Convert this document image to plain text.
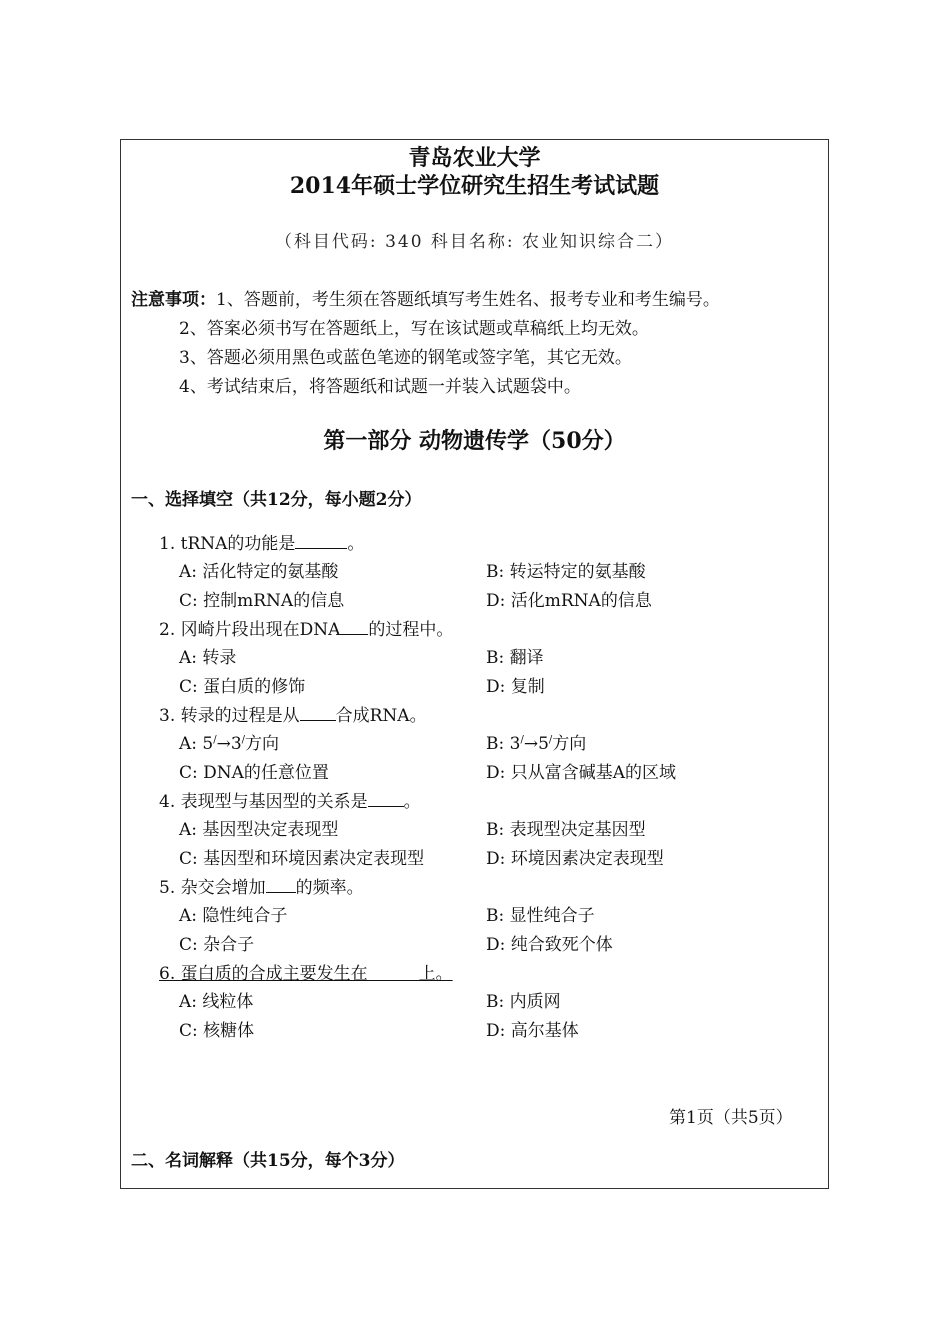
青岛农业大学
2014年硕士学位研究生招生考试试题
（科目代码: 340 科目名称: 农业知识综合二）
注意事项：1、答题前，考生须在答题纸填写考生姓名、报考专业和考生编号。
2、答案必须书写在答题纸上，写在该试题或草稿纸上均无效。
3、答题必须用黑色或蓝色笔迹的钢笔或签字笔，其它无效。
4、考试结束后，将答题纸和试题一并装入试题袋中。
第一部分 动物遗传学（50分）
一、选择填空（共12分，每小题2分）
1. tRNA的功能是	。
A: 活化特定的氨基酸	B: 转运特定的氨基酸
C: 控制mRNA的信息	D: 活化mRNA的信息
2. 冈崎片段出现在DNA 的过程中。
A: 转录	B: 翻译
C: 蛋白质的修饰	D: 复制
3. 转录的过程是从 合成RNA。
A: 5/→3/方向	B: 3/→5/方向
C: DNA的任意位置	D: 只从富含碱基A的区域
4. 表现型与基因型的关系是 。
A: 基因型决定表现型	B: 表现型决定基因型
C: 基因型和环境因素决定表现型	D: 环境因素决定表现型
5. 杂交会增加 的频率。
A: 隐性纯合子	B: 显性纯合子
C: 杂合子	D: 纯合致死个体
6. 蛋白质的合成主要发生在　　　上。
A: 线粒体	B: 内质网
C: 核糖体	D: 高尔基体
第1页（共5页）
二、名词解释（共15分，每个3分）
